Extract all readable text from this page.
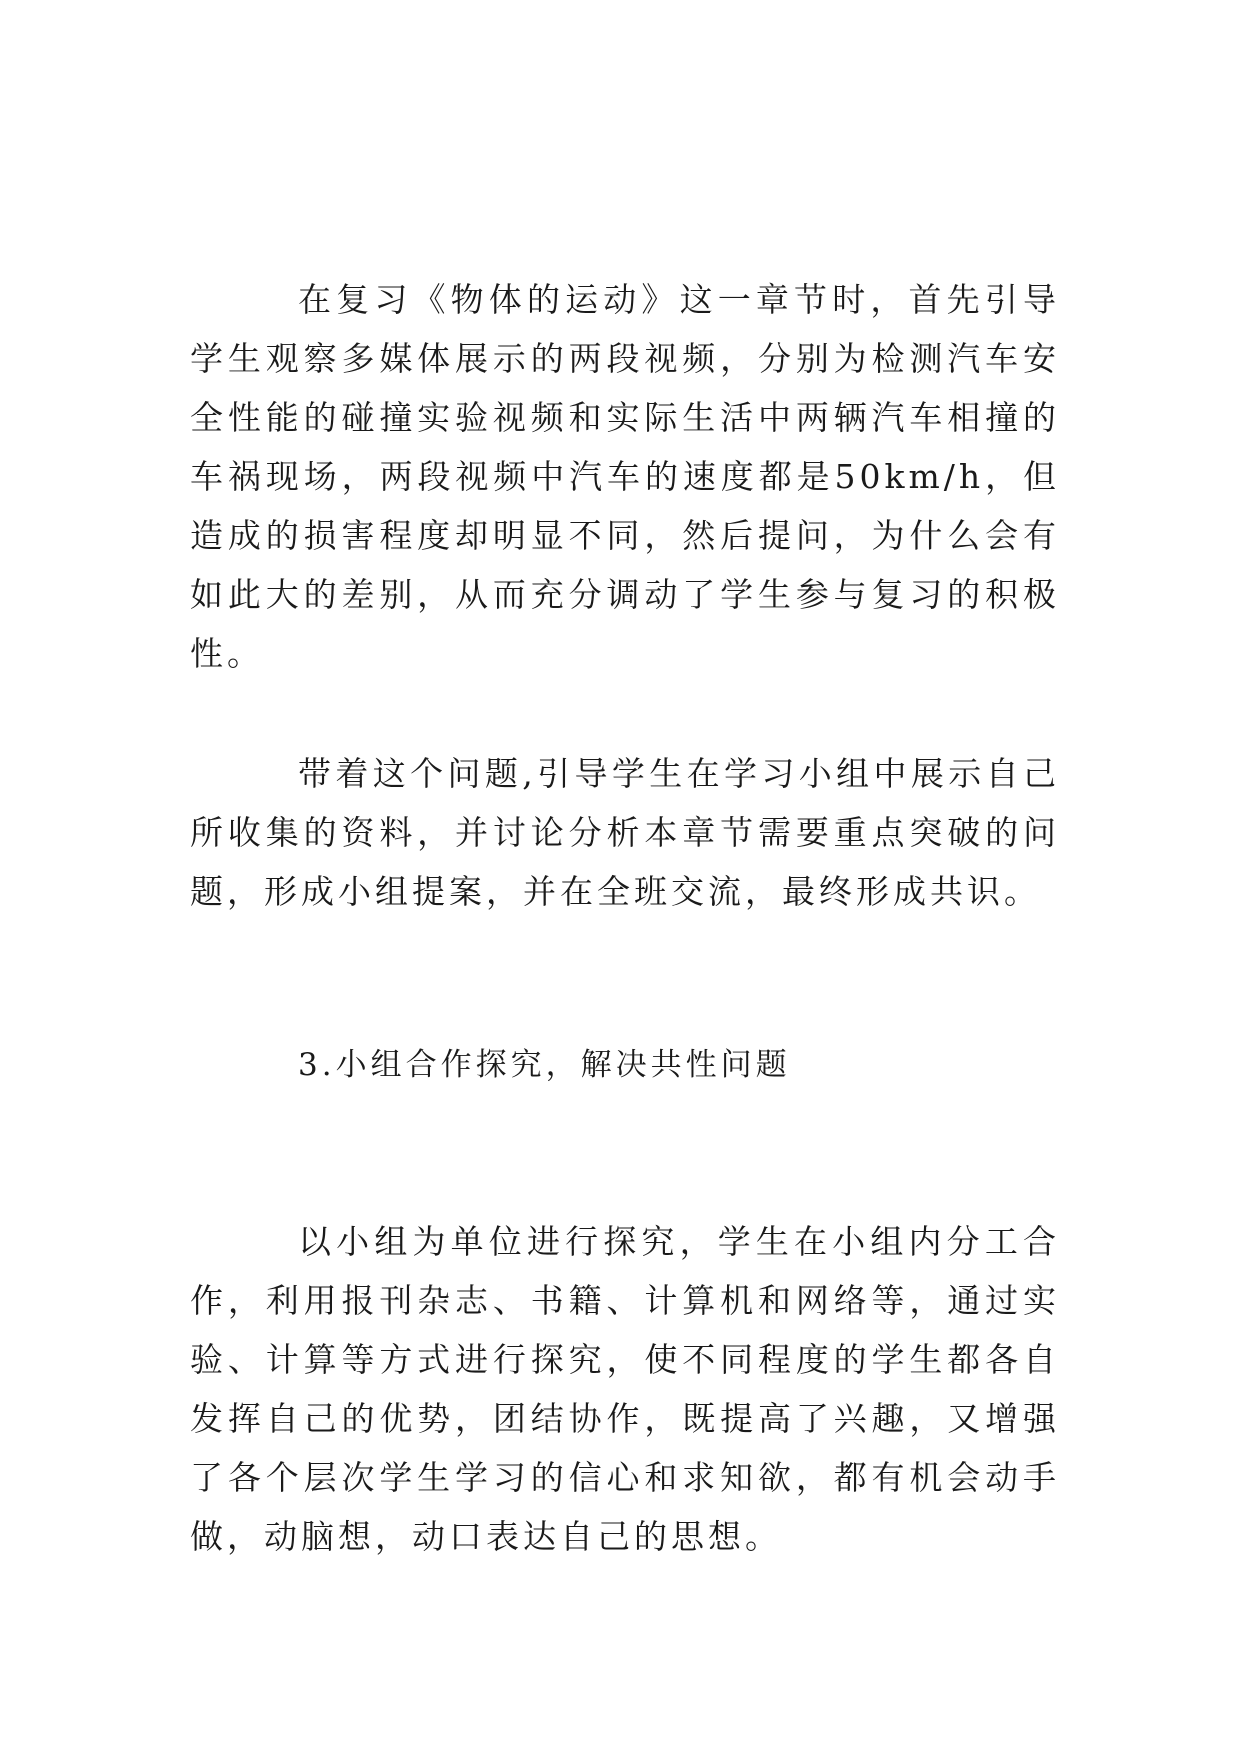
在复习《物体的运动》这一章节时，首先引导学生观察多媒体展示的两段视频，分别为检测汽车安全性能的碰撞实验视频和实际生活中两辆汽车相撞的车祸现场，两段视频中汽车的速度都是50km/h，但造成的损害程度却明显不同，然后提问，为什么会有如此大的差别，从而充分调动了学生参与复习的积极性。

带着这个问题,引导学生在学习小组中展示自己所收集的资料，并讨论分析本章节需要重点突破的问题，形成小组提案，并在全班交流，最终形成共识。

3.小组合作探究，解决共性问题

以小组为单位进行探究，学生在小组内分工合作，利用报刊杂志、书籍、计算机和网络等，通过实验、计算等方式进行探究，使不同程度的学生都各自发挥自己的优势，团结协作，既提高了兴趣，又增强了各个层次学生学习的信心和求知欲，都有机会动手做，动脑想，动口表达自己的思想。
